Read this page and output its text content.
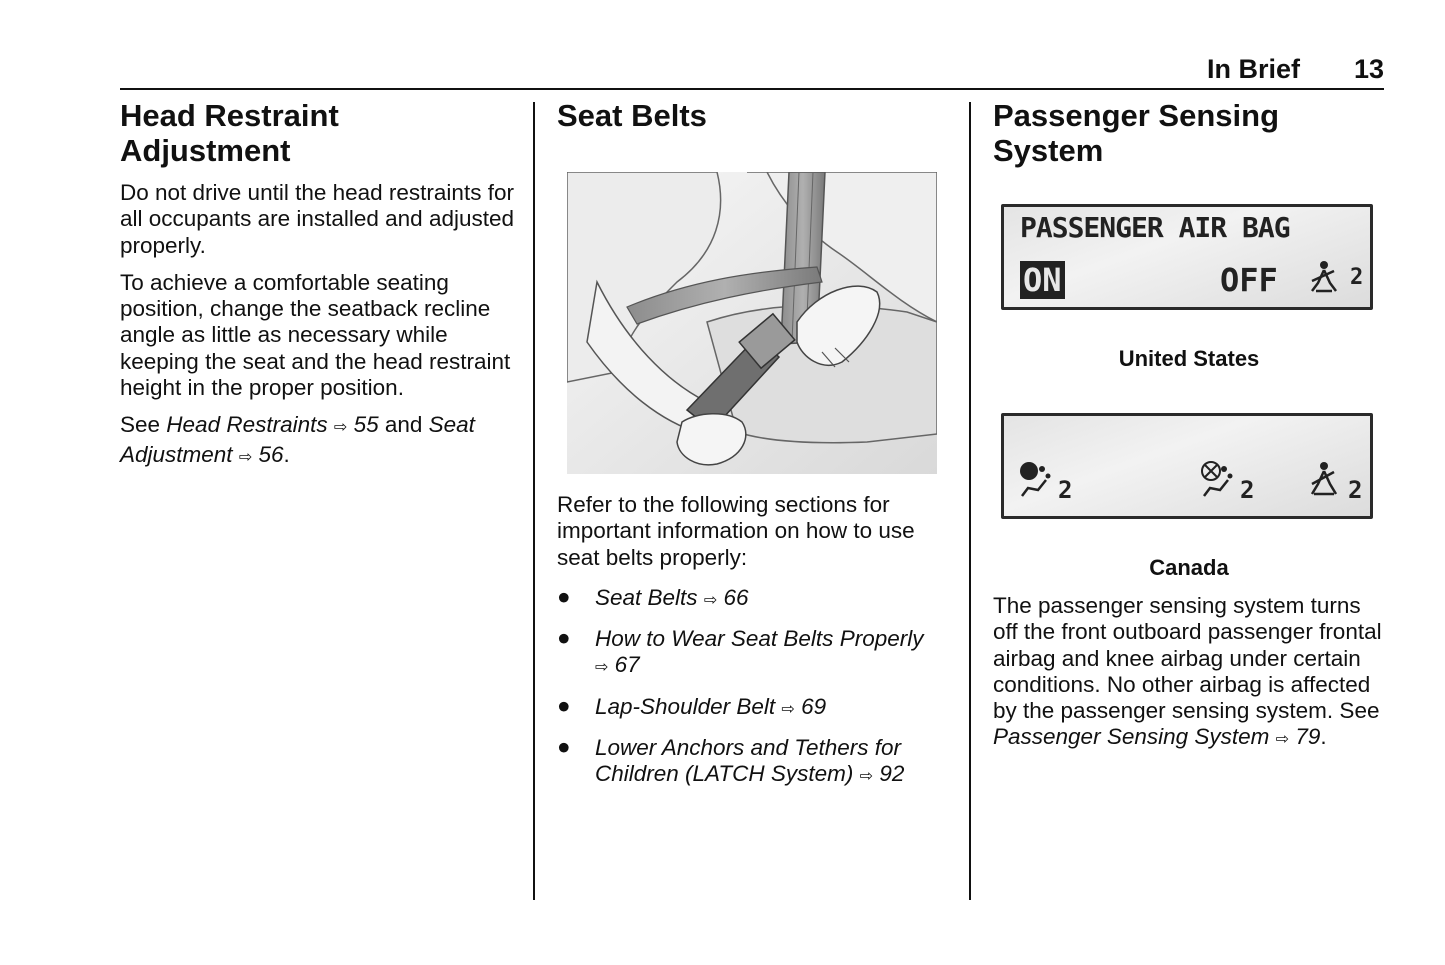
In Brief 13
Head Restraint
Adjustment

Do not drive until the head restraints for all occupants are installed and adjusted properly.

To achieve a comfortable seating position, change the seatback recline angle as little as necessary while keeping the seat and the head restraint height in the proper position.

See Head Restraints ⇨ 55 and Seat Adjustment ⇨ 56.

Seat Belts

Refer to the following sections for important information on how to use seat belts properly:

● Seat Belts ⇨ 66
● How to Wear Seat Belts Properly
⇨ 67
● Lap-Shoulder Belt ⇨ 69
● Lower Anchors and Tethers for Children (LATCH System) ⇨ 92
Passenger Sensing
System
PASSENGER AIR BAG
ON	OFF	2
United States
2	2	2
Canada

The passenger sensing system turns off the front outboard passenger frontal airbag and knee airbag under certain conditions. No other airbag is affected by the passenger sensing system. See Passenger Sensing System ⇨ 79.
